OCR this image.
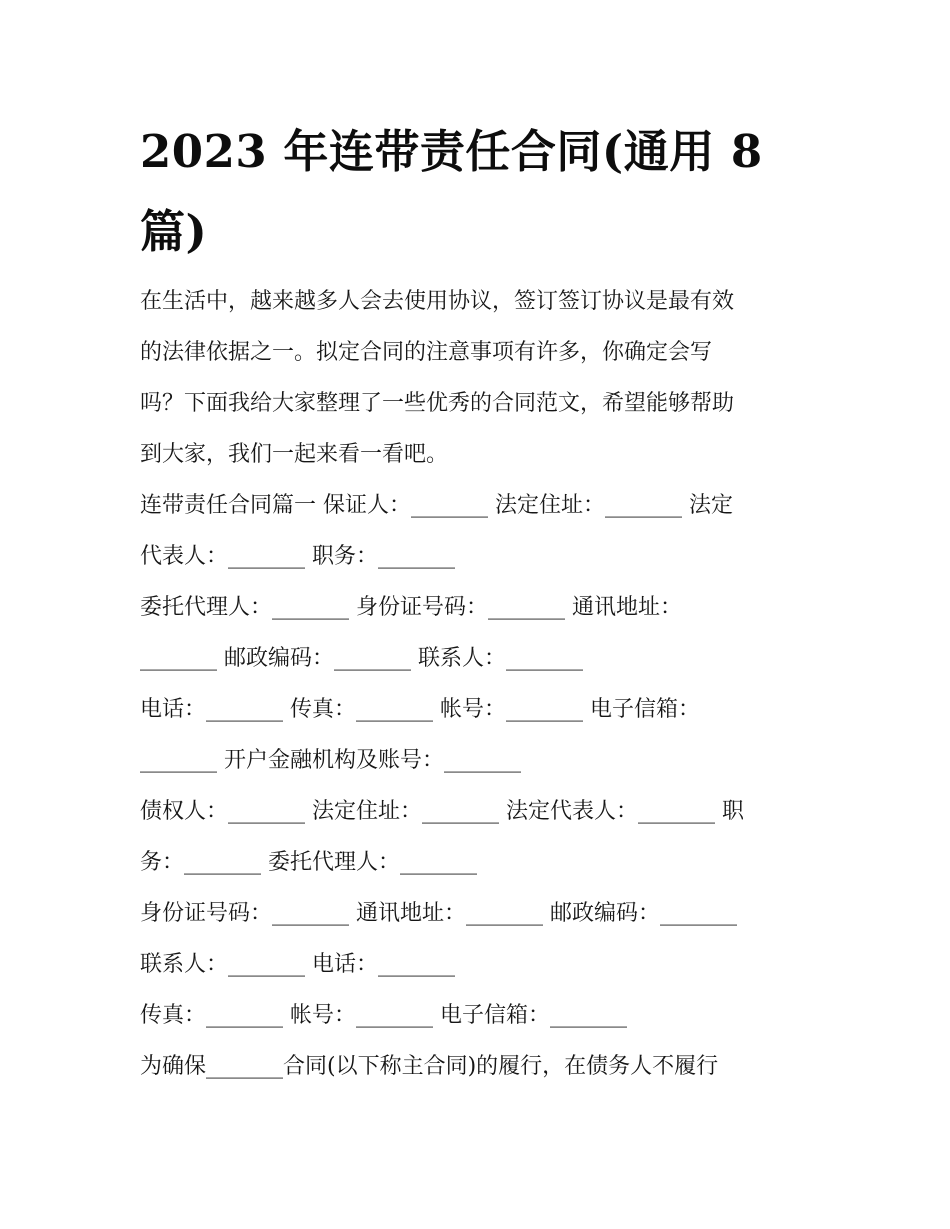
2023 年连带责任合同(通用 8
篇)
在生活中，越来越多人会去使用协议，签订签订协议是最有效
的法律依据之一。拟定合同的注意事项有许多，你确定会写
吗？下面我给大家整理了一些优秀的合同范文，希望能够帮助
到大家，我们一起来看一看吧。
连带责任合同篇一 保证人：_______ 法定住址：_______ 法定
代表人：_______ 职务：_______
委托代理人：_______ 身份证号码：_______ 通讯地址：
_______ 邮政编码：_______ 联系人：_______
电话：_______ 传真：_______ 帐号：_______ 电子信箱：
_______ 开户金融机构及账号：_______
债权人：_______ 法定住址：_______ 法定代表人：_______ 职
务：_______ 委托代理人：_______
身份证号码：_______ 通讯地址：_______ 邮政编码：_______
联系人：_______ 电话：_______
传真：_______ 帐号：_______ 电子信箱：_______
为确保_______合同(以下称主合同)的履行，在债务人不履行
